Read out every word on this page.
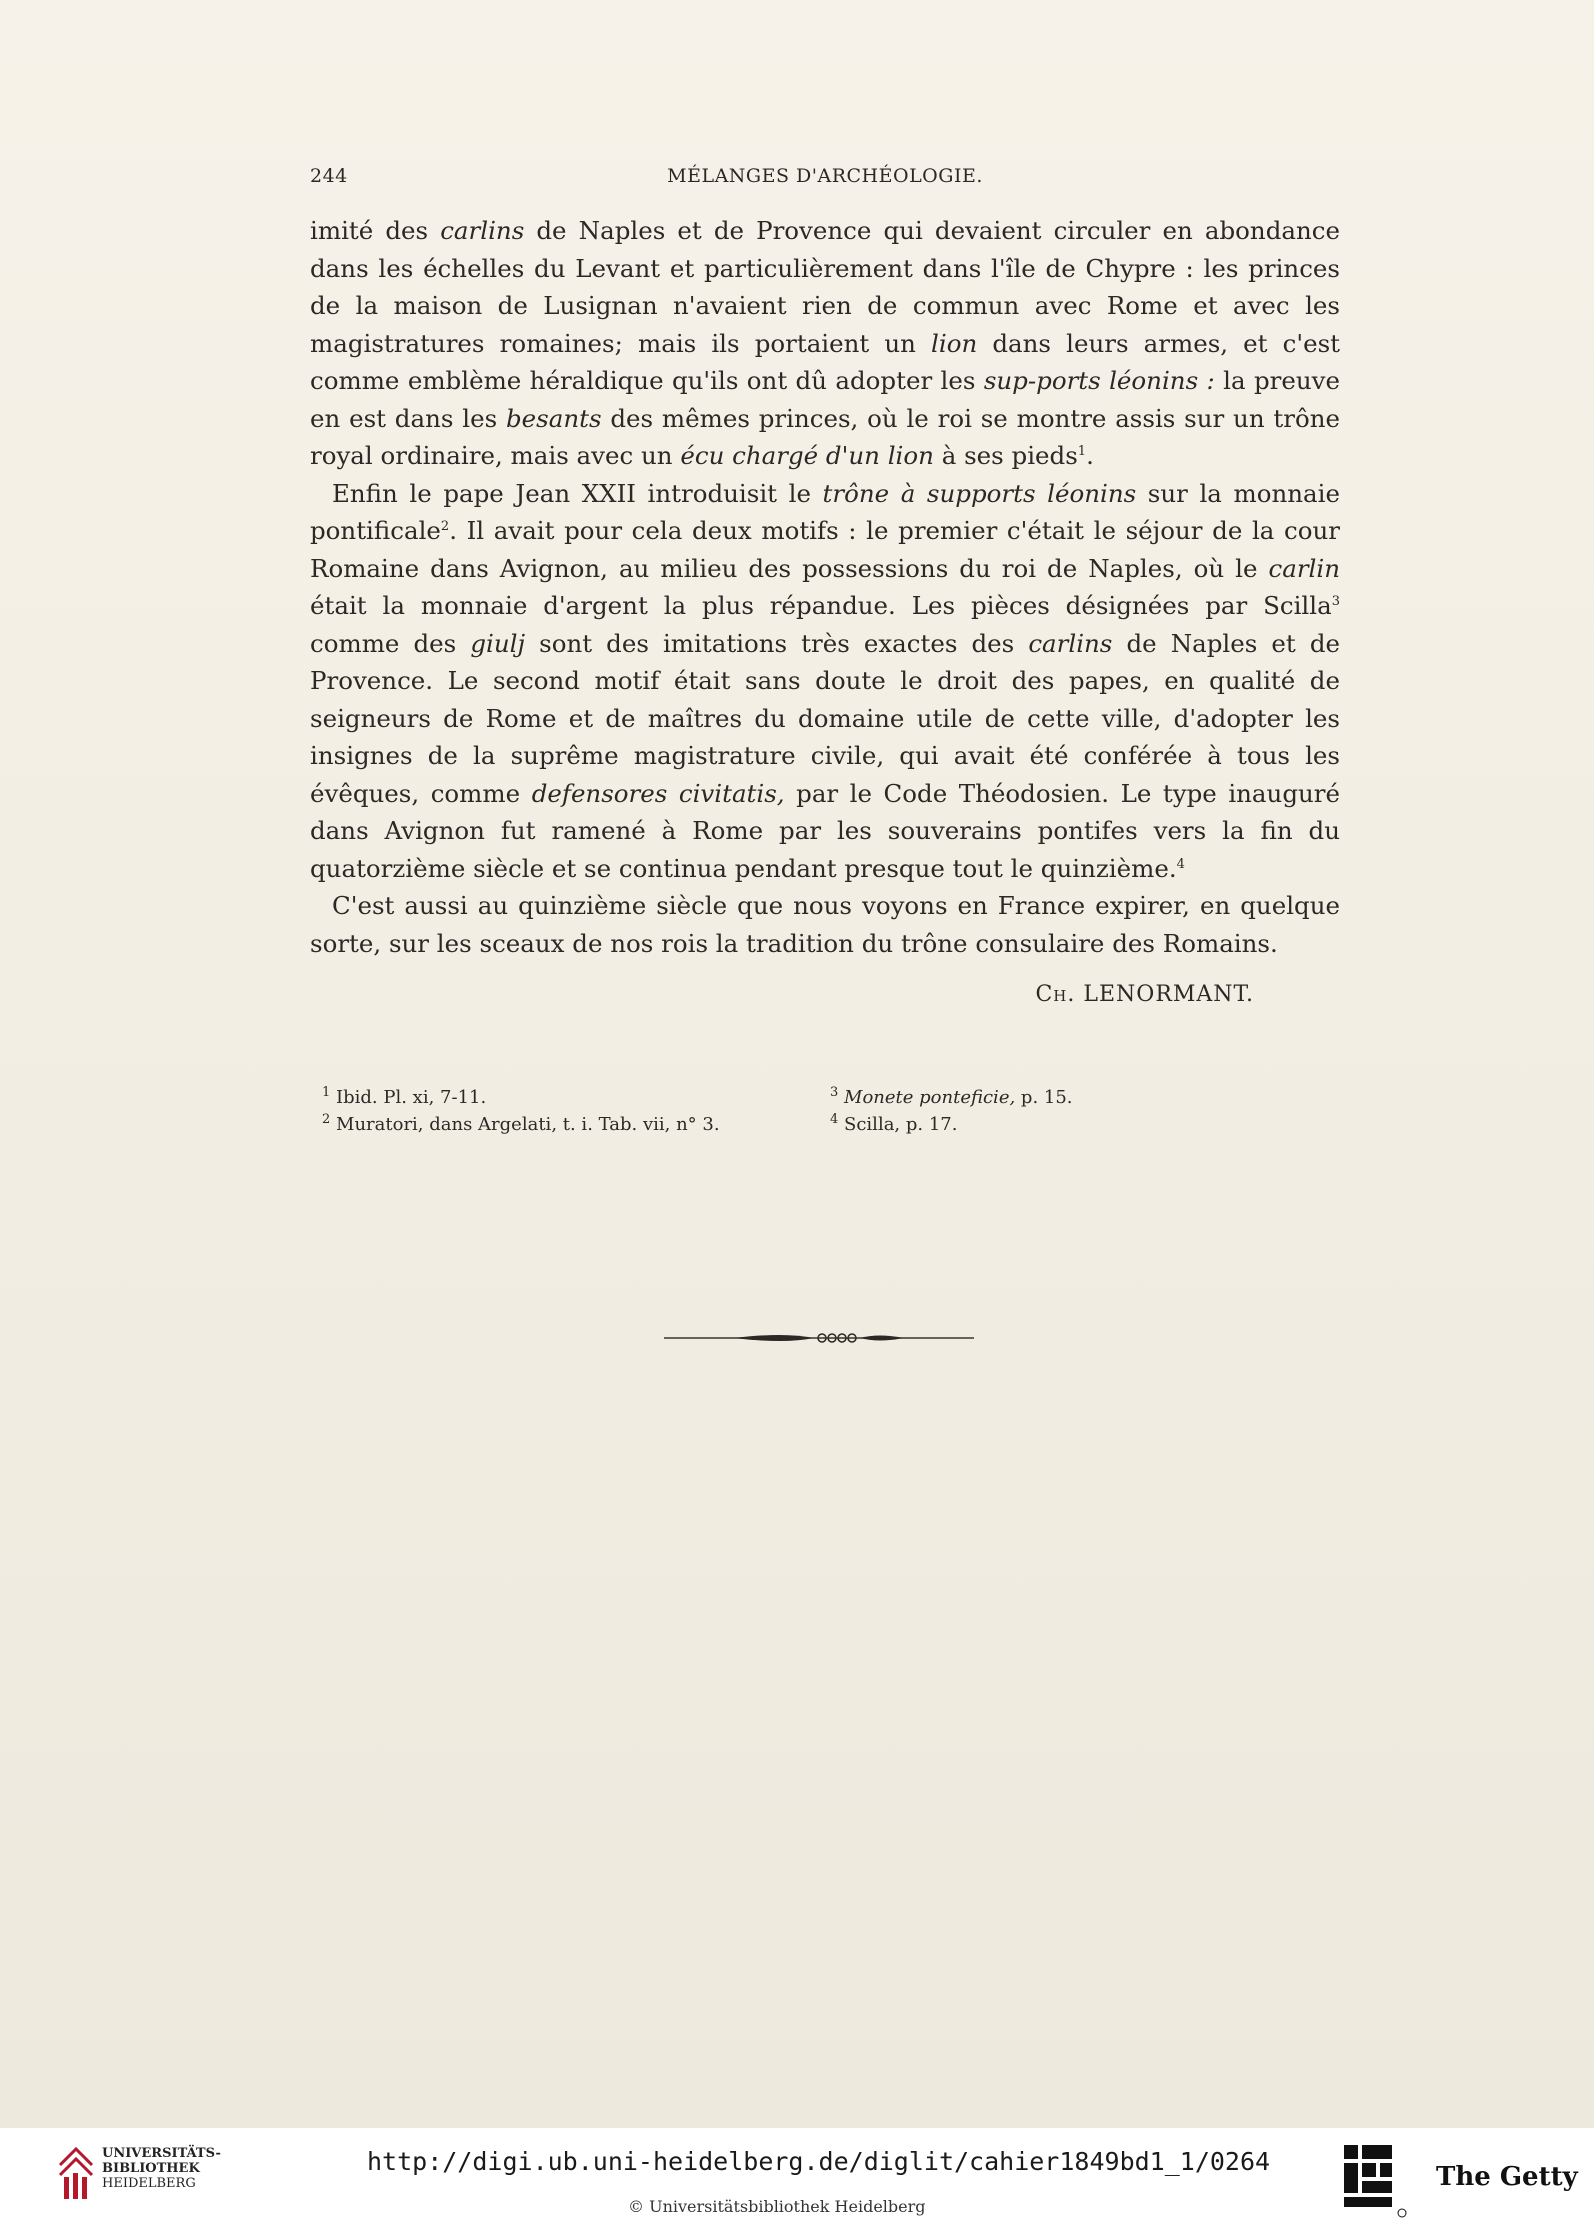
244	MÉLANGES D'ARCHÉOLOGIE.

imité des carlins de Naples et de Provence qui devaient circuler en abondance dans les échelles du Levant et particulièrement dans l'île de Chypre : les princes de la maison de Lusignan n'avaient rien de commun avec Rome et avec les magistratures romaines; mais ils portaient un lion dans leurs armes, et c'est comme emblème héraldique qu'ils ont dû adopter les sup-ports léonins : la preuve en est dans les besants des mêmes princes, où le roi se montre assis sur un trône royal ordinaire, mais avec un écu chargé d'un lion à ses pieds$^1$.

Enfin le pape Jean XXII introduisit le trône à supports léonins sur la monnaie pontificale$^2$. Il avait pour cela deux motifs : le premier c'était le séjour de la cour Romaine dans Avignon, au milieu des possessions du roi de Naples, où le carlin était la monnaie d'argent la plus répandue. Les pièces désignées par Scilla$^3$ comme des giulj sont des imitations très exactes des carlins de Naples et de Provence. Le second motif était sans doute le droit des papes, en qualité de seigneurs de Rome et de maîtres du domaine utile de cette ville, d'adopter les insignes de la suprême magistrature civile, qui avait été conférée à tous les évêques, comme defensores civitatis, par le Code Théodosien. Le type inauguré dans Avignon fut ramené à Rome par les souverains pontifes vers la fin du quatorzième siècle et se continua pendant presque tout le quinzième.$^4$

C'est aussi au quinzième siècle que nous voyons en France expirer, en quelque sorte, sur les sceaux de nos rois la tradition du trône consulaire des Romains.

Ch. LENORMANT.
$^1$ Ibid. Pl. xi, 7-11.
$^2$ Muratori, dans Argelati, t. i. Tab. vii, n° 3.
$^3$ Monete ponteficie, p. 15.
$^4$ Scilla, p. 17.
UNIVERSITÄTS-
BIBLIOTHEK
HEIDELBERG
http://digi.ub.uni-heidelberg.de/diglit/cahier1849bd1_1/0264
© Universitätsbibliothek Heidelberg
The Getty
